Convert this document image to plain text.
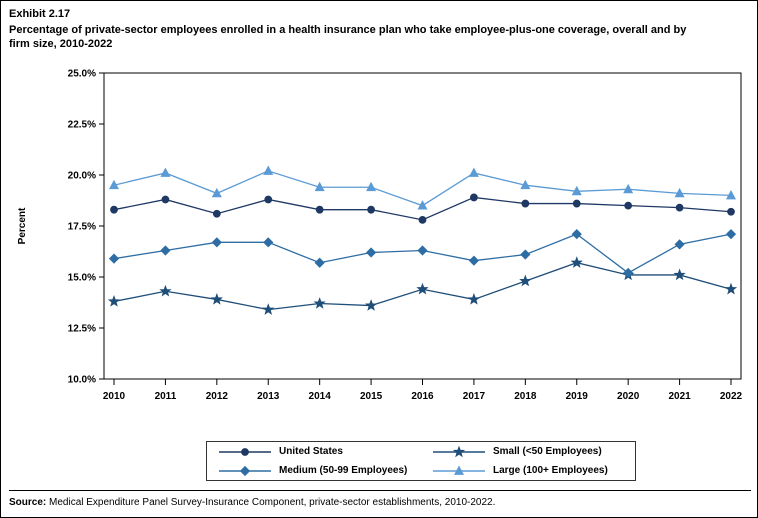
Exhibit 2.17
Percentage of private-sector employees enrolled in a health insurance plan who take employee-plus-one coverage, overall and by firm size, 2010-2022
10.0%
12.5%
15.0%
17.5%
20.0%
22.5%
25.0%
Percent
2010	2011	2012	2013	2014	2015	2016	2017	2018	2019	2020	2021	2022
United States	Small (<50 Employees)
Medium (50-99 Employees)	Large (100+ Employees)
Source: Medical Expenditure Panel Survey-Insurance Component, private-sector establishments, 2010-2022.
